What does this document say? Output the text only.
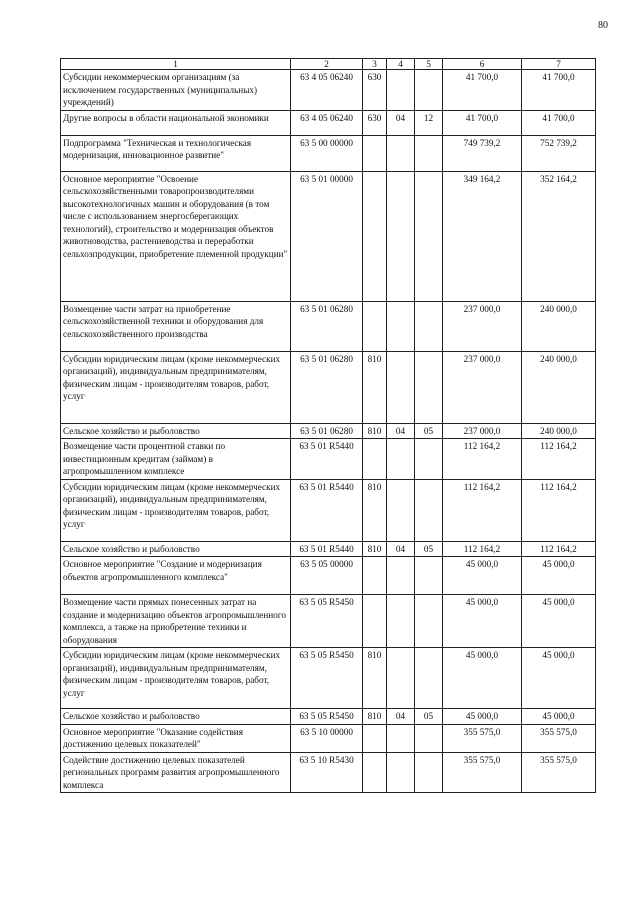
80
1	2	3	4	5	6	7
Субсидии некоммерческим организациям (за исключением государственных (муниципальных) учреждений)	63 4 05 06240	630			41 700,0	41 700,0
Другие вопросы в области национальной экономики	63 4 05 06240	630	04	12	41 700,0	41 700,0
Подпрограмма "Техническая и технологическая модернизация, инновационное развитие"	63 5 00 00000				749 739,2	752 739,2
Основное мероприятие "Освоение сельскохозяйственными товаропроизводителями высокотехнологичных машин и оборудования (в том числе с использованием энергосберегающих технологий), строительство и модернизация объектов животноводства, растениеводства и переработки сельхозпродукции, приобретение племенной продукции"	63 5 01 00000				349 164,2	352 164,2
Возмещение части затрат на приобретение сельскохозяйственной техники и оборудования для сельскохозяйственного производства	63 5 01 06280				237 000,0	240 000,0
Субсидии юридическим лицам (кроме некоммерческих организаций), индивидуальным предпринимателям, физическим лицам - производителям товаров, работ, услуг	63 5 01 06280	810			237 000,0	240 000,0
Сельское хозяйство и рыболовство	63 5 01 06280	810	04	05	237 000,0	240 000,0
Возмещение части процентной ставки по инвестиционным кредитам (займам) в агропромышленном комплексе	63 5 01 R5440				112 164,2	112 164,2
Субсидии юридическим лицам (кроме некоммерческих организаций), индивидуальным предпринимателям, физическим лицам - производителям товаров, работ, услуг	63 5 01 R5440	810			112 164,2	112 164,2
Сельское хозяйство и рыболовство	63 5 01 R5440	810	04	05	112 164,2	112 164,2
Основное мероприятие "Создание и модернизация объектов агропромышленного комплекса"	63 5 05 00000				45 000,0	45 000,0
Возмещение части прямых понесенных затрат на создание и модернизацию объектов агропромышленного комплекса, а также на приобретение техники и оборудования	63 5 05 R5450				45 000,0	45 000,0
Субсидии юридическим лицам (кроме некоммерческих организаций), индивидуальным предпринимателям, физическим лицам - производителям товаров, работ, услуг	63 5 05 R5450	810			45 000,0	45 000,0
Сельское хозяйство и рыболовство	63 5 05 R5450	810	04	05	45 000,0	45 000,0
Основное мероприятие "Оказание содействия достижению целевых показателей"	63 5 10 00000				355 575,0	355 575,0
Содействие достижению целевых показателей региональных программ развития агропромышленного комплекса	63 5 10 R5430				355 575,0	355 575,0
